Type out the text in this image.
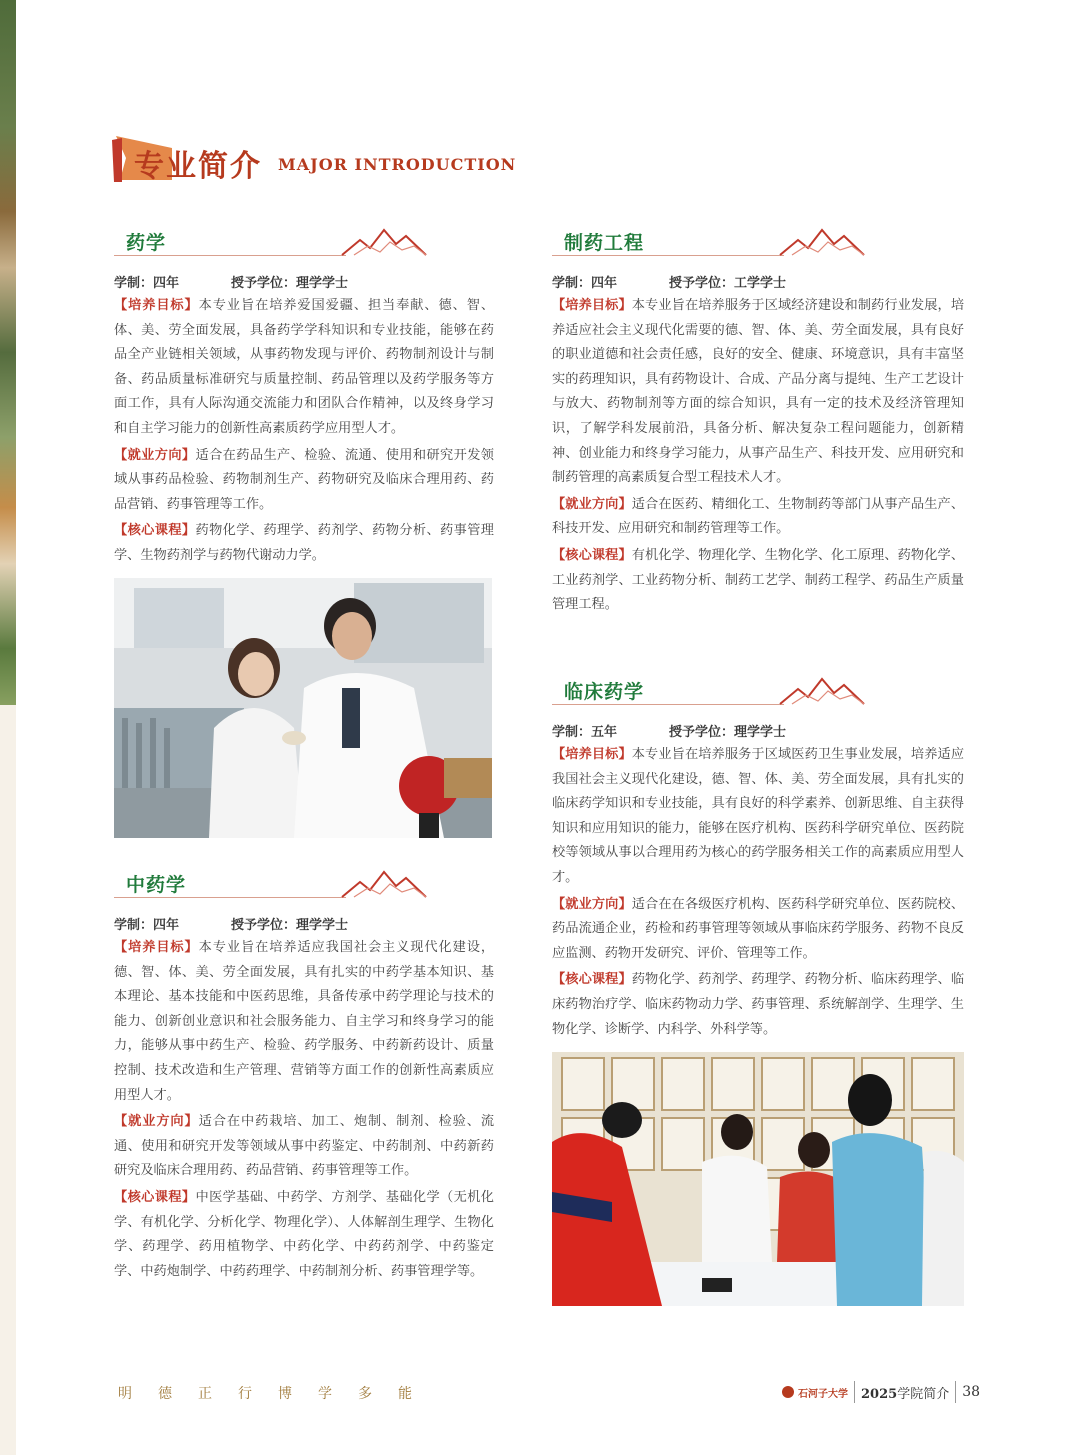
专业简介 MAJOR INTRODUCTION
药学
学制：四年	授予学位：理学学士

【培养目标】本专业旨在培养爱国爱疆、担当奉献、德、智、体、美、劳全面发展，具备药学学科知识和专业技能，能够在药品全产业链相关领域，从事药物发现与评价、药物制剂设计与制备、药品质量标准研究与质量控制、药品管理以及药学服务等方面工作，具有人际沟通交流能力和团队合作精神，以及终身学习和自主学习能力的创新性高素质药学应用型人才。

【就业方向】适合在药品生产、检验、流通、使用和研究开发领域从事药品检验、药物制剂生产、药物研究及临床合理用药、药品营销、药事管理等工作。

【核心课程】药物化学、药理学、药剂学、药物分析、药事管理学、生物药剂学与药物代谢动力学。

中药学
学制：四年	授予学位：理学学士

【培养目标】本专业旨在培养适应我国社会主义现代化建设，德、智、体、美、劳全面发展，具有扎实的中药学基本知识、基本理论、基本技能和中医药思维，具备传承中药学理论与技术的能力、创新创业意识和社会服务能力、自主学习和终身学习的能力，能够从事中药生产、检验、药学服务、中药新药设计、质量控制、技术改造和生产管理、营销等方面工作的创新性高素质应用型人才。

【就业方向】适合在中药栽培、加工、炮制、制剂、检验、流通、使用和研究开发等领域从事中药鉴定、中药制剂、中药新药研究及临床合理用药、药品营销、药事管理等工作。

【核心课程】中医学基础、中药学、方剂学、基础化学（无机化学、有机化学、分析化学、物理化学）、人体解剖生理学、生物化学、药理学、药用植物学、中药化学、中药药剂学、中药鉴定学、中药炮制学、中药药理学、中药制剂分析、药事管理学等。

制药工程
学制：四年	授予学位：工学学士

【培养目标】本专业旨在培养服务于区域经济建设和制药行业发展，培养适应社会主义现代化需要的德、智、体、美、劳全面发展，具有良好的职业道德和社会责任感，良好的安全、健康、环境意识，具有丰富坚实的药理知识，具有药物设计、合成、产品分离与提纯、生产工艺设计与放大、药物制剂等方面的综合知识，具有一定的技术及经济管理知识，了解学科发展前沿，具备分析、解决复杂工程问题能力，创新精神、创业能力和终身学习能力，从事产品生产、科技开发、应用研究和制药管理的高素质复合型工程技术人才。

【就业方向】适合在医药、精细化工、生物制药等部门从事产品生产、科技开发、应用研究和制药管理等工作。

【核心课程】有机化学、物理化学、生物化学、化工原理、药物化学、工业药剂学、工业药物分析、制药工艺学、制药工程学、药品生产质量管理工程。

临床药学
学制：五年	授予学位：理学学士

【培养目标】本专业旨在培养服务于区域医药卫生事业发展，培养适应我国社会主义现代化建设，德、智、体、美、劳全面发展，具有扎实的临床药学知识和专业技能，具有良好的科学素养、创新思维、自主获得知识和应用知识的能力，能够在医疗机构、医药科学研究单位、医药院校等领域从事以合理用药为核心的药学服务相关工作的高素质应用型人才。

【就业方向】适合在在各级医疗机构、医药科学研究单位、医药院校、药品流通企业，药检和药事管理等领域从事临床药学服务、药物不良反应监测、药物开发研究、评价、管理等工作。

【核心课程】药物化学、药剂学、药理学、药物分析、临床药理学、临床药物治疗学、临床药物动力学、药事管理、系统解剖学、生理学、生物化学、诊断学、内科学、外科学等。

明德正行博学多能	石河子大学 2025学院简介 38
